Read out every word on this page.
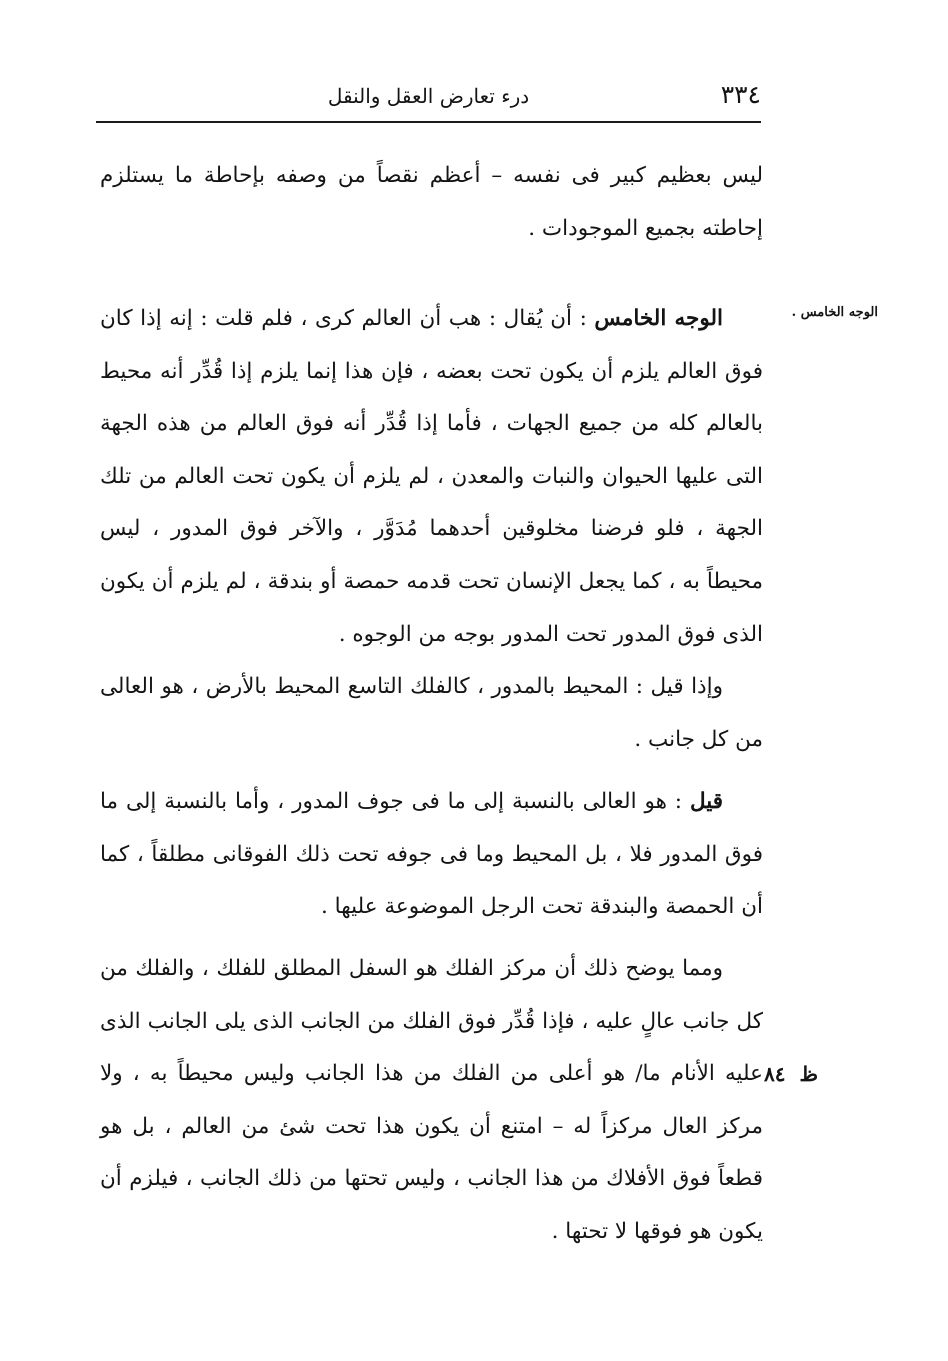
٣٣٤
درء تعارض العقل والنقل
الوجه الخامس .
ظ٨٤

ليس بعظيم كبير فى نفسه – أعظم نقصاً من وصفه بإحاطة ما يستلزم إحاطته بجميع الموجودات .

الوجه الخامس : أن يُقال : هب أن العالم كرى ، فلم قلت : إنه إذا كان فوق العالم يلزم أن يكون تحت بعضه ، فإن هذا إنما يلزم إذا قُدِّر أنه محيط بالعالم كله من جميع الجهات ، فأما إذا قُدِّر أنه فوق العالم من هذه الجهة التى عليها الحيوان والنبات والمعدن ، لم يلزم أن يكون تحت العالم من تلك الجهة ، فلو فرضنا مخلوقين أحدهما مُدَوَّر ، والآخر فوق المدور ، ليس محيطاً به ، كما يجعل الإنسان تحت قدمه حمصة أو بندقة ، لم يلزم أن يكون الذى فوق المدور تحت المدور بوجه من الوجوه .

وإذا قيل : المحيط بالمدور ، كالفلك التاسع المحيط بالأرض ، هو العالى من كل جانب .

قيل : هو العالى بالنسبة إلى ما فى جوف المدور ، وأما بالنسبة إلى ما فوق المدور فلا ، بل المحيط وما فى جوفه تحت ذلك الفوقانى مطلقاً ، كما أن الحمصة والبندقة تحت الرجل الموضوعة عليها .

ومما يوضح ذلك أن مركز الفلك هو السفل المطلق للفلك ، والفلك من كل جانب عالٍ عليه ، فإذا قُدِّر فوق الفلك من الجانب الذى يلى الجانب الذى عليه الأنام ما/ هو أعلى من الفلك من هذا الجانب وليس محيطاً به ، ولا مركز العال مركزاً له – امتنع أن يكون هذا تحت شئ من العالم ، بل هو قطعاً فوق الأفلاك من هذا الجانب ، وليس تحتها من ذلك الجانب ، فيلزم أن يكون هو فوقها لا تحتها .
